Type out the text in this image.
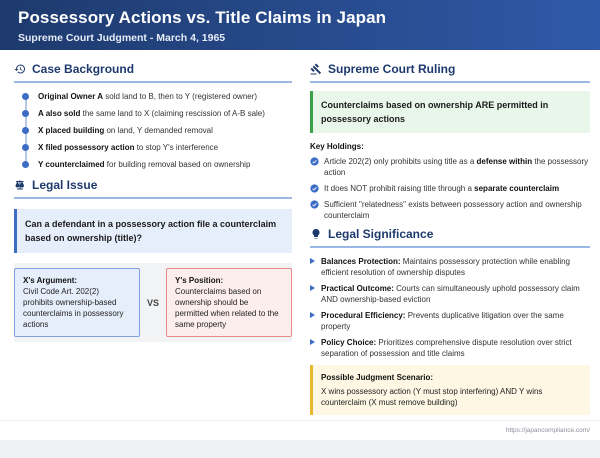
Possessory Actions vs. Title Claims in Japan
Supreme Court Judgment - March 4, 1965
Case Background
Original Owner A sold land to B, then to Y (registered owner)
A also sold the same land to X (claiming rescission of A-B sale)
X placed building on land, Y demanded removal
X filed possessory action to stop Y's interference
Y counterclaimed for building removal based on ownership
Legal Issue
Can a defendant in a possessory action file a counterclaim based on ownership (title)?
X's Argument:
Civil Code Art. 202(2) prohibits ownership-based counterclaims in possessory actions
VS
Y's Position:
Counterclaims based on ownership should be permitted when related to the same property
Supreme Court Ruling
Counterclaims based on ownership ARE permitted in possessory actions
Key Holdings:
Article 202(2) only prohibits using title as a defense within the possessory action
It does NOT prohibit raising title through a separate counterclaim
Sufficient "relatedness" exists between possessory action and ownership counterclaim
Legal Significance
Balances Protection: Maintains possessory protection while enabling efficient resolution of ownership disputes
Practical Outcome: Courts can simultaneously uphold possessory claim AND ownership-based eviction
Procedural Efficiency: Prevents duplicative litigation over the same property
Policy Choice: Prioritizes comprehensive dispute resolution over strict separation of possession and title claims
Possible Judgment Scenario:
X wins possessory action (Y must stop interfering) AND Y wins counterclaim (X must remove building)
https://japancompliance.com/
